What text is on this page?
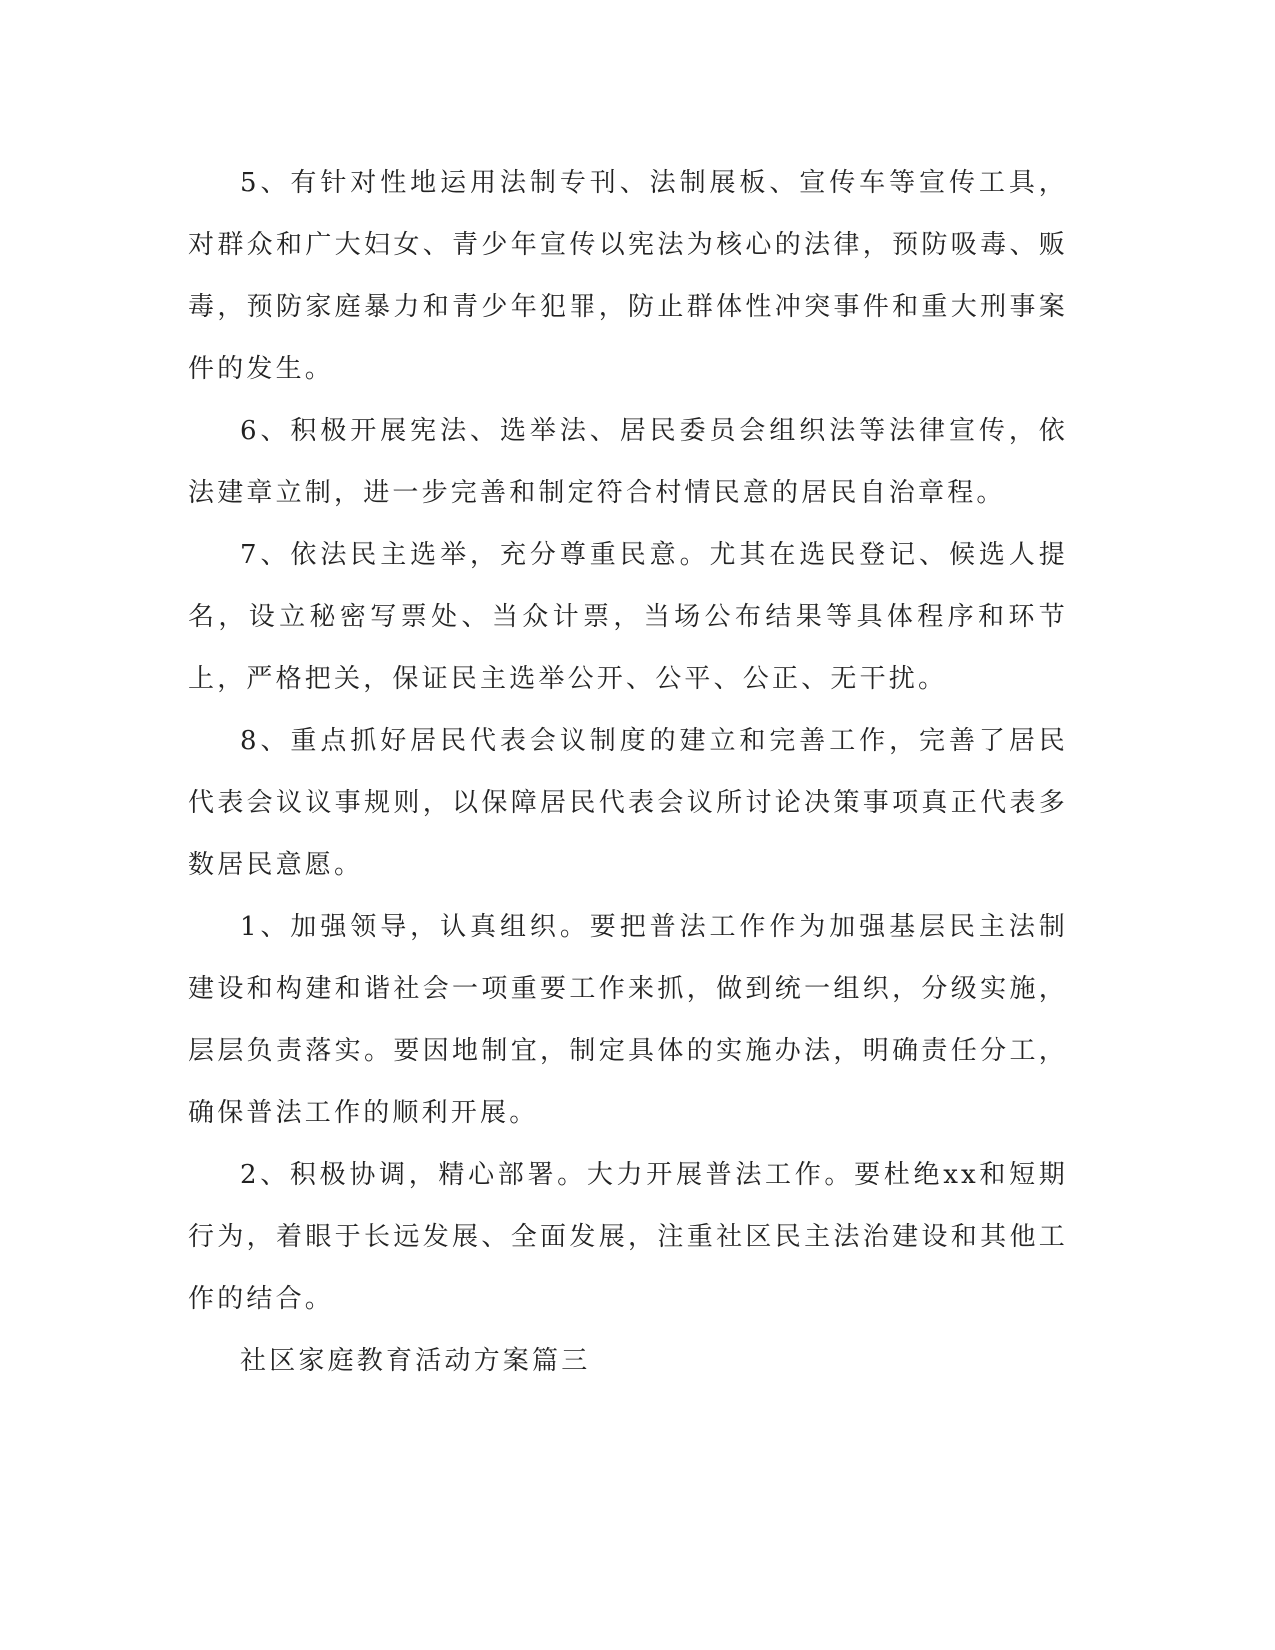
5、有针对性地运用法制专刊、法制展板、宣传车等宣传工具，对群众和广大妇女、青少年宣传以宪法为核心的法律，预防吸毒、贩毒，预防家庭暴力和青少年犯罪，防止群体性冲突事件和重大刑事案件的发生。

6、积极开展宪法、选举法、居民委员会组织法等法律宣传，依法建章立制，进一步完善和制定符合村情民意的居民自治章程。

7、依法民主选举，充分尊重民意。尤其在选民登记、候选人提名，设立秘密写票处、当众计票，当场公布结果等具体程序和环节上，严格把关，保证民主选举公开、公平、公正、无干扰。

8、重点抓好居民代表会议制度的建立和完善工作，完善了居民代表会议议事规则，以保障居民代表会议所讨论决策事项真正代表多数居民意愿。

1、加强领导，认真组织。要把普法工作作为加强基层民主法制建设和构建和谐社会一项重要工作来抓，做到统一组织，分级实施，层层负责落实。要因地制宜，制定具体的实施办法，明确责任分工，确保普法工作的顺利开展。

2、积极协调，精心部署。大力开展普法工作。要杜绝xx和短期行为，着眼于长远发展、全面发展，注重社区民主法治建设和其他工作的结合。

社区家庭教育活动方案篇三
